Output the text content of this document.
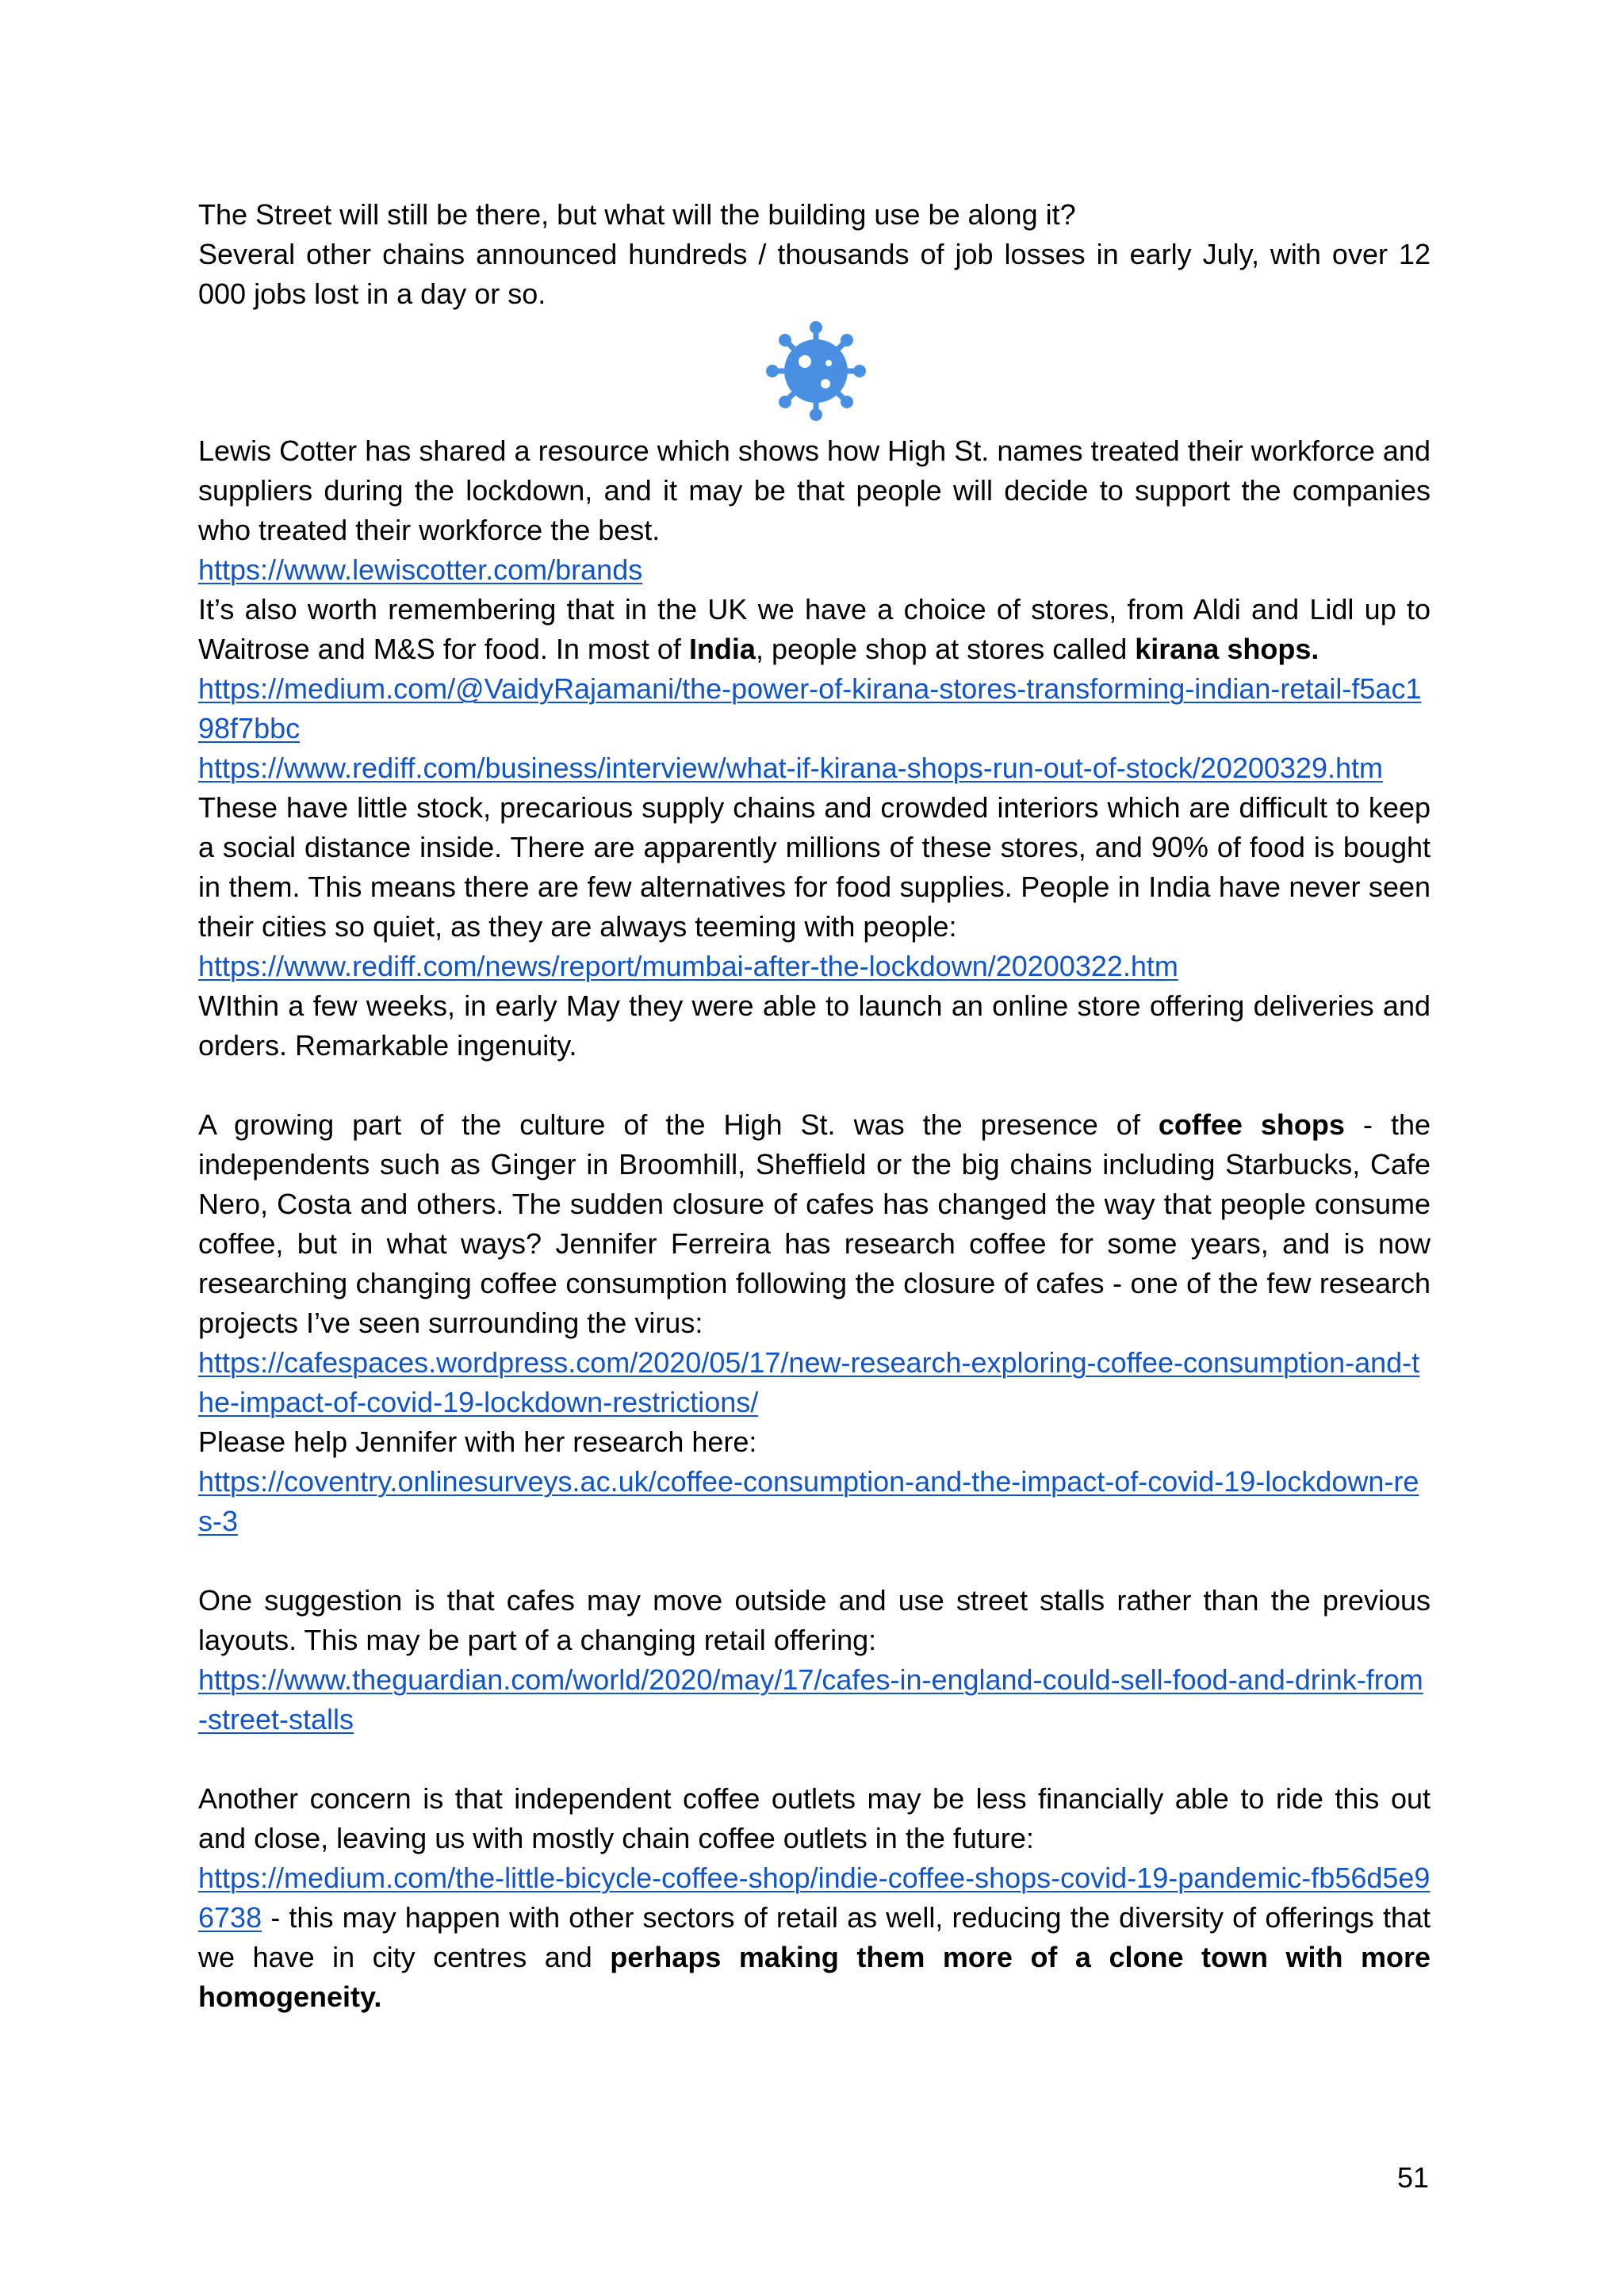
The Street will still be there, but what will the building use be along it?

Several other chains announced hundreds / thousands of job losses in early July, with over 12 000 jobs lost in a day or so.

Lewis Cotter has shared a resource which shows how High St. names treated their workforce and suppliers during the lockdown, and it may be that people will decide to support the companies who treated their workforce the best.

https://www.lewiscotter.com/brands

It’s also worth remembering that in the UK we have a choice of stores, from Aldi and Lidl up to Waitrose and M&S for food. In most of India, people shop at stores called kirana shops.

https://medium.com/@VaidyRajamani/the-power-of-kirana-stores-transforming-indian-retail-f5ac198f7bbc

https://www.rediff.com/business/interview/what-if-kirana-shops-run-out-of-stock/20200329.htm

These have little stock, precarious supply chains and crowded interiors which are difficult to keep a social distance inside. There are apparently millions of these stores, and 90% of food is bought in them. This means there are few alternatives for food supplies. People in India have never seen their cities so quiet, as they are always teeming with people:

https://www.rediff.com/news/report/mumbai-after-the-lockdown/20200322.htm

WIthin a few weeks, in early May they were able to launch an online store offering deliveries and orders. Remarkable ingenuity.

A growing part of the culture of the High St. was the presence of coffee shops - the independents such as Ginger in Broomhill, Sheffield or the big chains including Starbucks, Cafe Nero, Costa and others. The sudden closure of cafes has changed the way that people consume coffee, but in what ways? Jennifer Ferreira has research coffee for some years, and is now researching changing coffee consumption following the closure of cafes - one of the few research projects I’ve seen surrounding the virus:

https://cafespaces.wordpress.com/2020/05/17/new-research-exploring-coffee-consumption-and-the-impact-of-covid-19-lockdown-restrictions/

Please help Jennifer with her research here:

https://coventry.onlinesurveys.ac.uk/coffee-consumption-and-the-impact-of-covid-19-lockdown-res-3

One suggestion is that cafes may move outside and use street stalls rather than the previous layouts. This may be part of a changing retail offering:

https://www.theguardian.com/world/2020/may/17/cafes-in-england-could-sell-food-and-drink-from-street-stalls

Another concern is that independent coffee outlets may be less financially able to ride this out and close, leaving us with mostly chain coffee outlets in the future:

https://medium.com/the-little-bicycle-coffee-shop/indie-coffee-shops-covid-19-pandemic-fb56d5e96738 - this may happen with other sectors of retail as well, reducing the diversity of offerings that we have in city centres and perhaps making them more of a clone town with more homogeneity.

51
